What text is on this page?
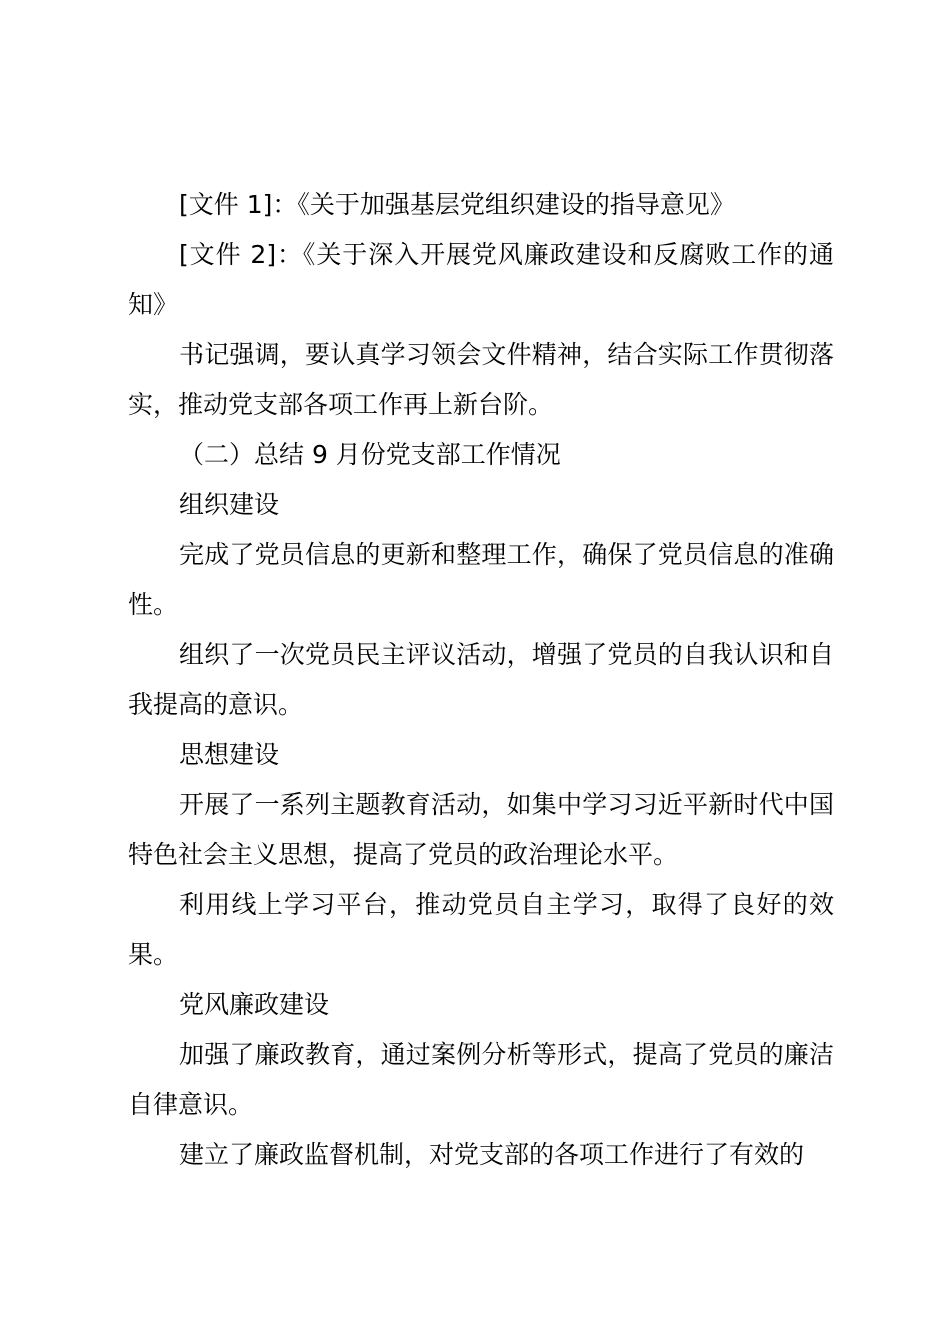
[文件 1]：《关于加强基层党组织建设的指导意见》

[文件 2]：《关于深入开展党风廉政建设和反腐败工作的通知》

书记强调，要认真学习领会文件精神，结合实际工作贯彻落实，推动党支部各项工作再上新台阶。

（二）总结 9 月份党支部工作情况

组织建设

完成了党员信息的更新和整理工作，确保了党员信息的准确性。

组织了一次党员民主评议活动，增强了党员的自我认识和自我提高的意识。

思想建设

开展了一系列主题教育活动，如集中学习习近平新时代中国特色社会主义思想，提高了党员的政治理论水平。

利用线上学习平台，推动党员自主学习，取得了良好的效果。

党风廉政建设

加强了廉政教育，通过案例分析等形式，提高了党员的廉洁自律意识。

建立了廉政监督机制，对党支部的各项工作进行了有效的
